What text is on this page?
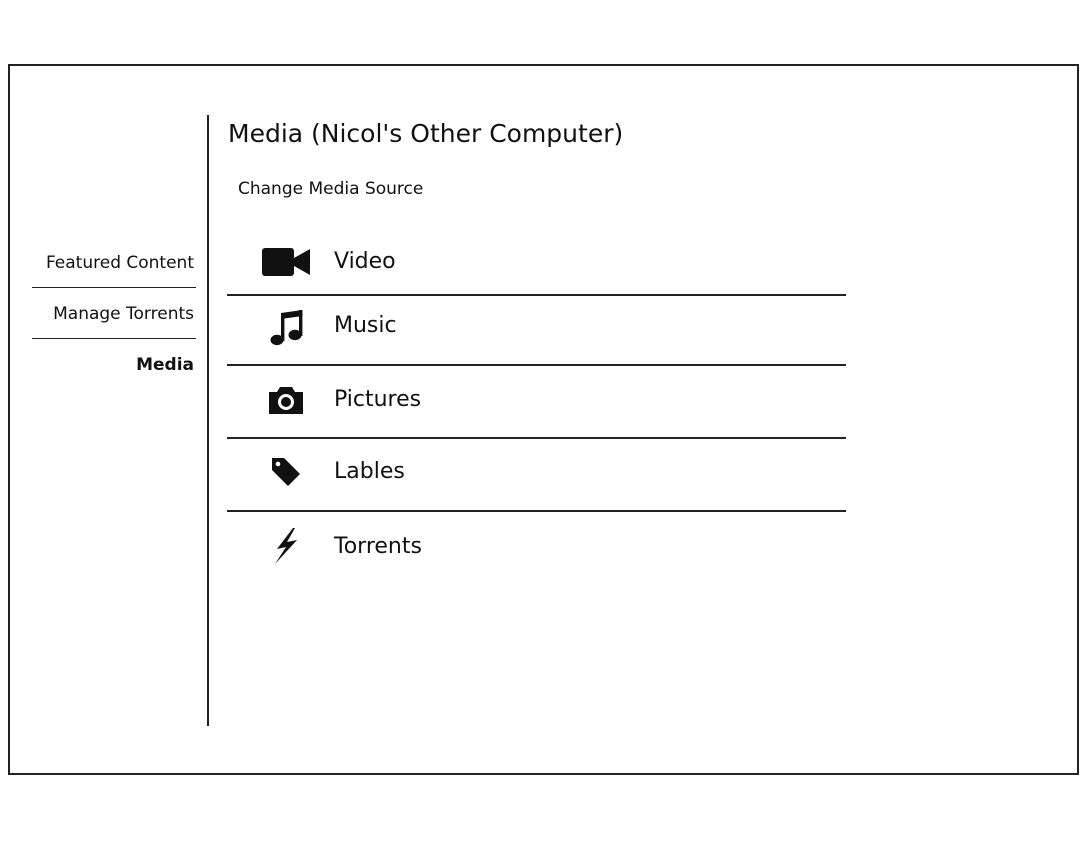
Featured Content
Manage Torrents
Media
Media (Nicol's Other Computer)
Change Media Source
Video
Music
Pictures
Lables
Torrents
